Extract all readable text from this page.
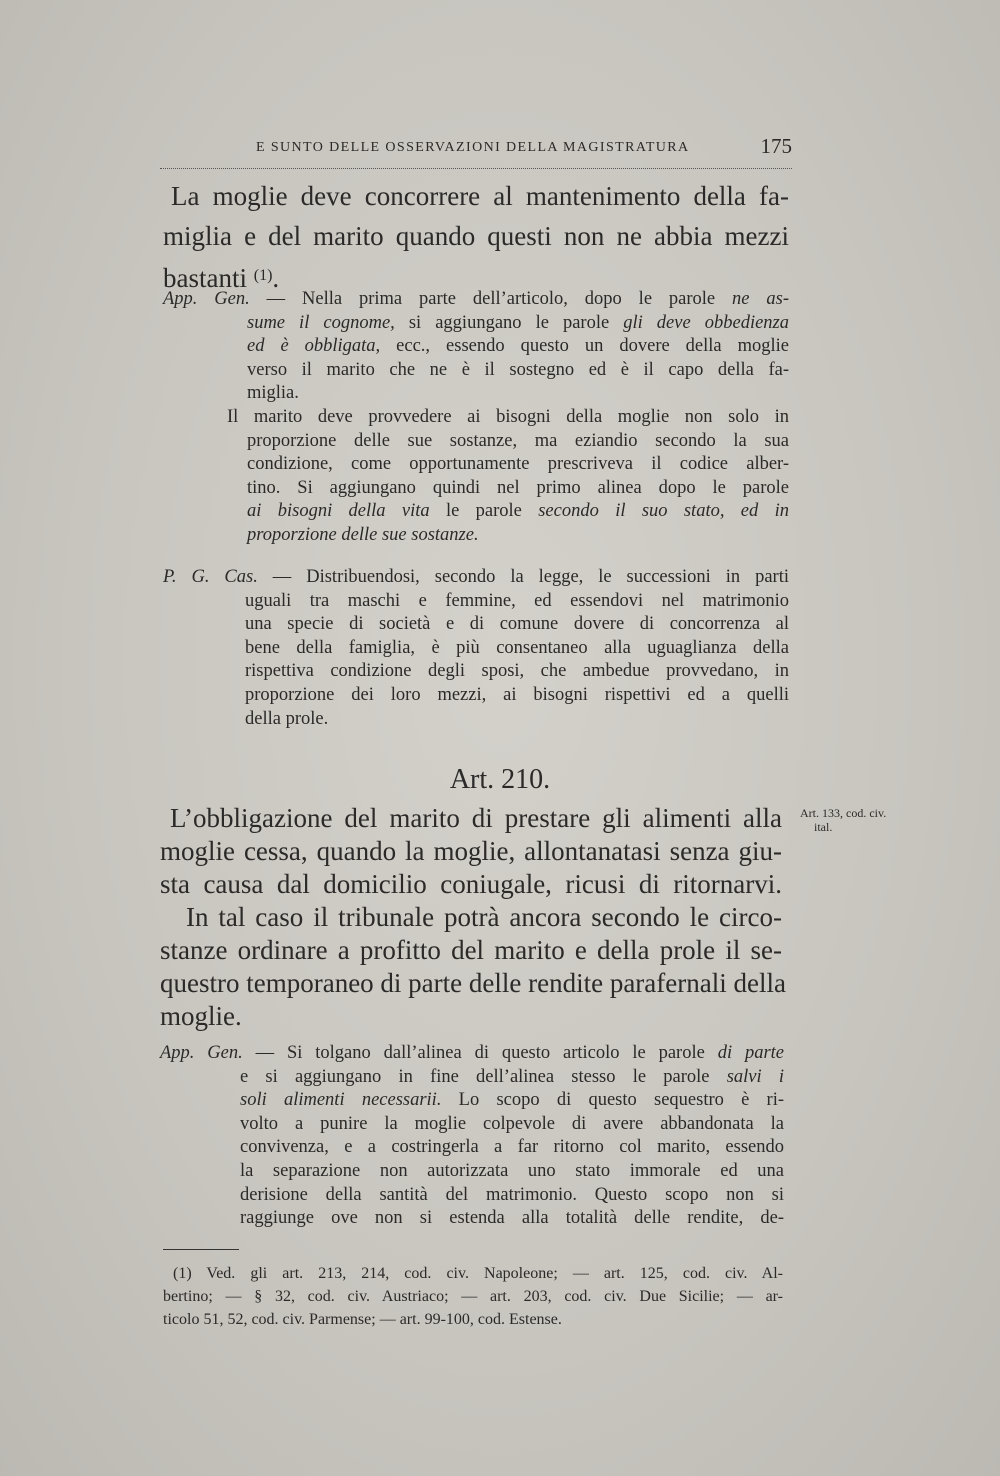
E SUNTO DELLE OSSERVAZIONI DELLA MAGISTRATURA	175
La moglie deve concorrere al mantenimento della fa-
miglia e del marito quando questi non ne abbia mezzi
bastanti $^{(1)}$.
App. Gen. — Nella prima parte dell’articolo, dopo le parole ne as-
sume il cognome, si aggiungano le parole gli deve obbedienza
ed è obbligata, ecc., essendo questo un dovere della moglie
verso il marito che ne è il sostegno ed è il capo della fa-
miglia.
Il marito deve provvedere ai bisogni della moglie non solo in
proporzione delle sue sostanze, ma eziandio secondo la sua
condizione, come opportunamente prescriveva il codice alber-
tino. Si aggiungano quindi nel primo alinea dopo le parole
ai bisogni della vita le parole secondo il suo stato, ed in
proporzione delle sue sostanze.
P. G. Cas. — Distribuendosi, secondo la legge, le successioni in parti
uguali tra maschi e femmine, ed essendovi nel matrimonio
una specie di società e di comune dovere di concorrenza al
bene della famiglia, è più consentaneo alla uguaglianza della
rispettiva condizione degli sposi, che ambedue provvedano, in
proporzione dei loro mezzi, ai bisogni rispettivi ed a quelli
della prole.
Art. 210.
Art. 133, cod. civ.
ital.
L’obbligazione del marito di prestare gli alimenti alla
moglie cessa, quando la moglie, allontanatasi senza giu-
sta causa dal domicilio coniugale, ricusi di ritornarvi.
In tal caso il tribunale potrà ancora secondo le circo-
stanze ordinare a profitto del marito e della prole il se-
questro temporaneo di parte delle rendite parafernali della
moglie.
App. Gen. — Si tolgano dall’alinea di questo articolo le parole di parte
e si aggiungano in fine dell’alinea stesso le parole salvi i
soli alimenti necessarii. Lo scopo di questo sequestro è ri-
volto a punire la moglie colpevole di avere abbandonata la
convivenza, e a costringerla a far ritorno col marito, essendo
la separazione non autorizzata uno stato immorale ed una
derisione della santità del matrimonio. Questo scopo non si
raggiunge ove non si estenda alla totalità delle rendite, de-
(1) Ved. gli art. 213, 214, cod. civ. Napoleone; — art. 125, cod. civ. Al-
bertino; — § 32, cod. civ. Austriaco; — art. 203, cod. civ. Due Sicilie; — ar-
ticolo 51, 52, cod. civ. Parmense; — art. 99-100, cod. Estense.
